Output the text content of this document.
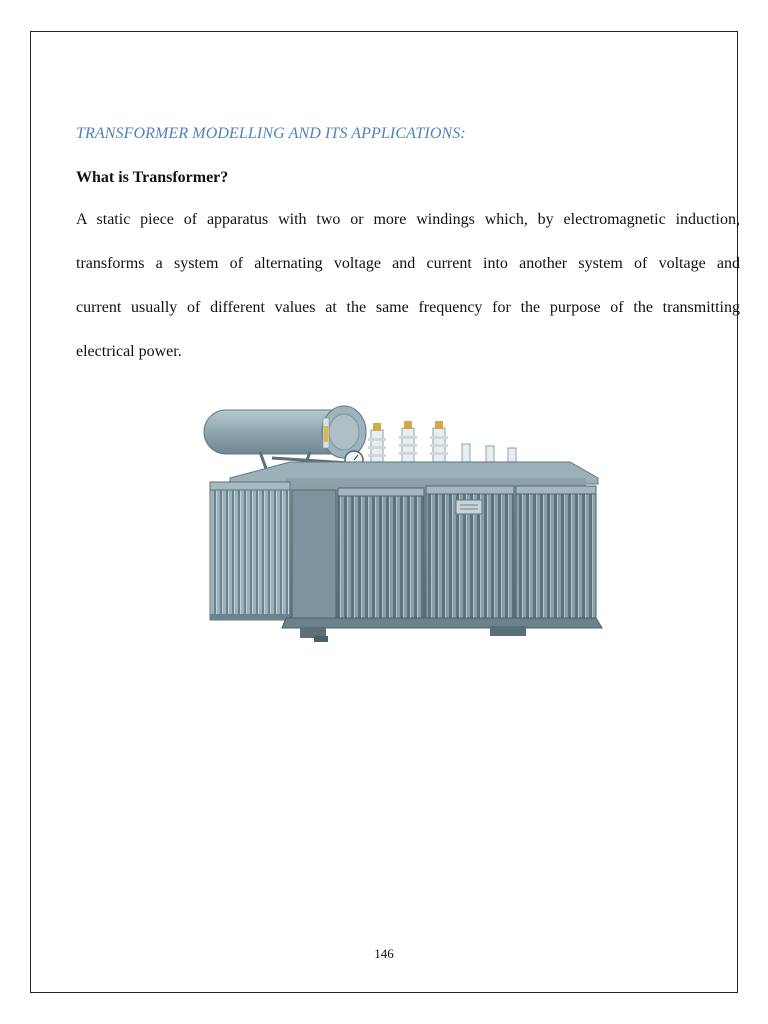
TRANSFORMER MODELLING AND ITS APPLICATIONS:
What is Transformer?

A static piece of apparatus with two or more windings which, by electromagnetic induction,
transforms a system of alternating voltage and current into another system of voltage and
current usually of different values at the same frequency for the purpose of the transmitting
electrical power.

146
